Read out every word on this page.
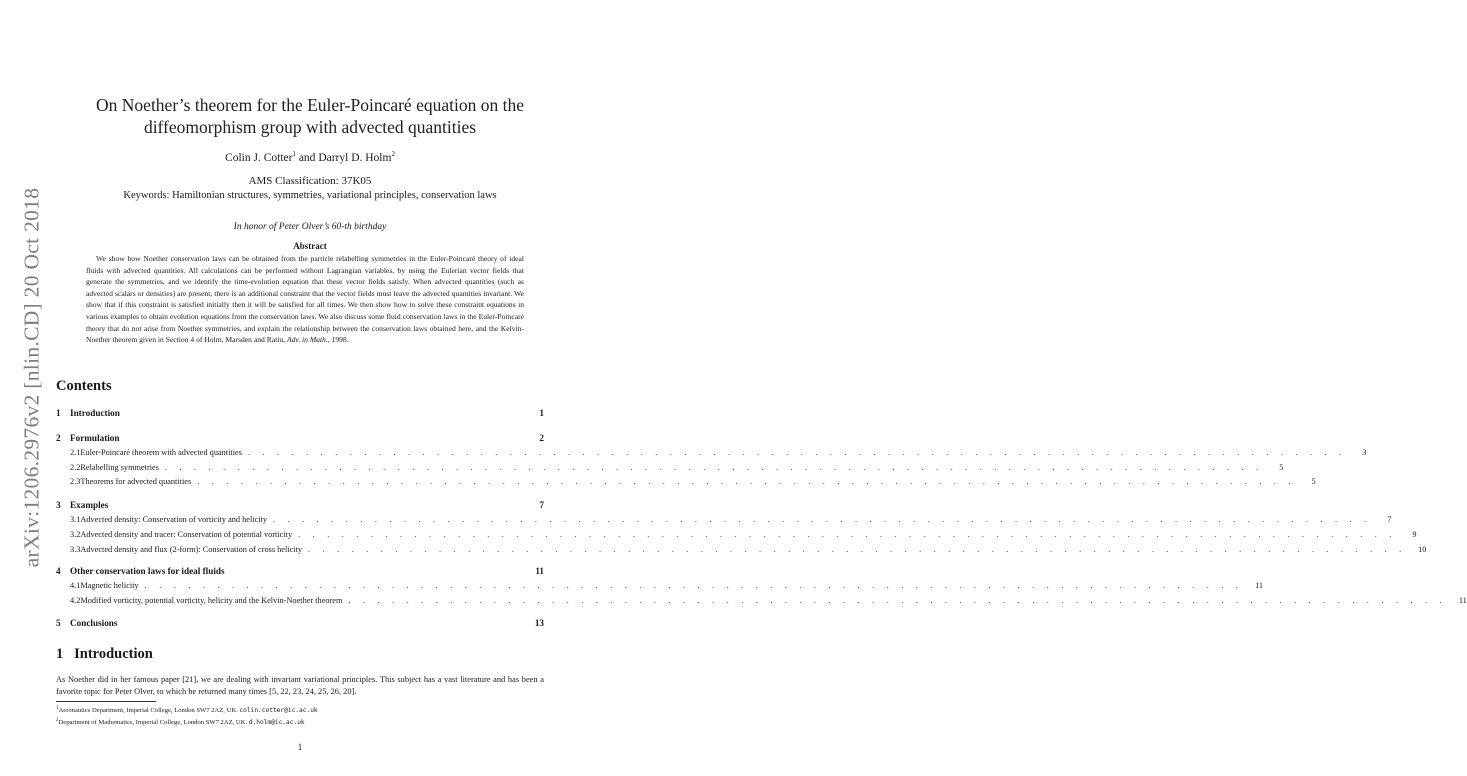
arXiv:1206.2976v2 [nlin.CD] 20 Oct 2018
On Noether’s theorem for the Euler-Poincaré equation on the
diffeomorphism group with advected quantities
Colin J. Cotter$^1$ and Darryl D. Holm$^2$
AMS Classification: 37K05
Keywords: Hamiltonian structures, symmetries, variational principles, conservation laws
In honor of Peter Olver’s 60-th birthday
Abstract

We show how Noether conservation laws can be obtained from the particle relabelling symmetries in the Euler-Poincaré theory of ideal fluids with advected quantities. All calculations can be performed without Lagrangian variables, by using the Eulerian vector fields that generate the symmetries, and we identify the time-evolution equation that these vector fields satisfy. When advected quantities (such as advected scalars or densities) are present, there is an additional constraint that the vector fields must leave the advected quantities invariant. We show that if this constraint is satisfied initially then it will be satisfied for all times. We then show how to solve these constraint equations in various examples to obtain evolution equations from the conservation laws. We also discuss some fluid conservation laws in the Euler-Poincaré theory that do not arise from Noether symmetries, and explain the relationship between the conservation laws obtained here, and the Kelvin-Noether theorem given in Section 4 of Holm, Marsden and Ratiu, Adv. in Math., 1998.

Contents
1	Introduction	1
2	Formulation	2
2.1 Euler-Poincaré theorem with advected quantities . . . . . . . . . . . . . . . . . . . . . . . . . . . . . . . . . . . . . . . . . . . . . . . . . . . . . . . . . . . . . . . . . . . . . . . . . . . .	3
2.2 Relabelling symmetries . . . . . . . . . . . . . . . . . . . . . . . . . . . . . . . . . . . . . . . . . . . . . . . . . . . . . . . . . . . . . . . . . . . . . . . . . . . .	5
2.3 Theorems for advected quantities . . . . . . . . . . . . . . . . . . . . . . . . . . . . . . . . . . . . . . . . . . . . . . . . . . . . . . . . . . . . . . . . . . . . . . . . . . . .	5
3	Examples	7
3.1 Advected density: Conservation of vorticity and helicity . . . . . . . . . . . . . . . . . . . . . . . . . . . . . . . . . . . . . . . . . . . . . . . . . . . . . . . . . . . . . . . . . . . . . . . . . . . .	7
3.2 Advected density and tracer: Conservation of potential vorticity . . . . . . . . . . . . . . . . . . . . . . . . . . . . . . . . . . . . . . . . . . . . . . . . . . . . . . . . . . . . . . . . . . . . . . . . . . . .	9
3.3 Advected density and flux (2-form): Conservation of cross helicity . . . . . . . . . . . . . . . . . . . . . . . . . . . . . . . . . . . . . . . . . . . . . . . . . . . . . . . . . . . . . . . . . . . . . . . . . . . .	10
4	Other conservation laws for ideal fluids	11
4.1 Magnetic helicity . . . . . . . . . . . . . . . . . . . . . . . . . . . . . . . . . . . . . . . . . . . . . . . . . . . . . . . . . . . . . . . . . . . . . . . . . . . .	11
4.2 Modified vorticity, potential vorticity, helicity and the Kelvin-Noether theorem . . . . . . . . . . . . . . . . . . . . . . . . . . . . . . . . . . . . . . . . . . . . . . . . . . . . . . . . . . . . . . . . . . . . . . . . . . . .	11
5	Conclusions	13
1 Introduction

As Noether did in her famous paper [21], we are dealing with invariant variational principles. This subject has a vast literature and has been a favorite topic for Peter Olver, to which he returned many times [5, 22, 23, 24, 25, 26, 20].

$^1$Aeronautics Department, Imperial College, London SW7 2AZ, UK. colin.cotter@ic.ac.uk
$^2$Department of Mathematics, Imperial College, London SW7 2AZ, UK. d.holm@ic.ac.uk
1
